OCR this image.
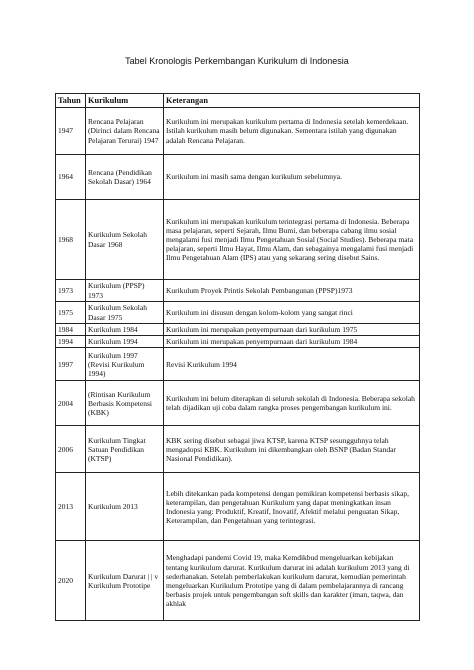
Tabel Kronologis Perkembangan Kurikulum di Indonesia
Tahun	Kurikulum	Keterangan
1947	Rencana Pelajaran (Dirinci dalam Rencana Pelajaran Terurai) 1947	Kurikulum ini merupakan kurikulum pertama di Indonesia setelah kemerdekaan. Istilah kurikulum masih belum digunakan. Sementara istilah yang digunakan adalah Rencana Pelajaran.
1964	Rencana (Pendidikan Sekolah Dasar) 1964	Kurikulum ini masih sama dengan kurikulum sebelumnya.
1968	Kurikulum Sekolah Dasar 1968	Kurikulum ini merupakan kurikulum terintegrasi pertama di Indonesia. Beberapa masa pelajaran, seperti Sejarah, Ilmu Bumi, dan beberapa cabang ilmu sosial mengalami fusi menjadi Ilmu Pengetahuan Sosial (Social Studies). Beberapa mata pelajaran, seperti Ilmu Hayat, Ilmu Alam, dan sebagainya mengalami fusi menjadi Ilmu Pengetahuan Alam (IPS) atau yang sekarang sering disebut Sains.
1973	Kurikulum (PPSP) 1973	Kurikulum Proyek Printis Sekolah Pembangunan (PPSP)1973
1975	Kurikulum Sekolah Dasar 1975	Kurikulum ini disusun dengan kolom-kolom yang sangat rinci
1984	Kurikulum 1984	Kurikulum ini merupakan penyempurnaan dari kurikulum 1975
1994	Kurikulum 1994	Kurikulum ini merupakan penyempurnaan dari kurikulum 1984
1997	Kurikulum 1997 (Revisi Kurikulum 1994)	Revisi Kurikulum 1994
2004	(Rintisan Kurikulum Berbasis Kompetensi (KBK)	Kurikulum ini belum diterapkan di seluruh sekolah di Indonesia. Beberapa sekolah telah dijadikan uji coba dalam rangka proses pengembangan kurikulum ini.
2006	Kurikulum Tingkat Satuan Pendidikan (KTSP)	KBK sering disebut sebagai jiwa KTSP, karena KTSP sesungguhnya telah mengadopsi KBK. Kurikulum ini dikembangkan oleh BSNP (Badan Standar Nasional Pendidikan).
2013	Kurikulum 2013	Lebih ditekankan pada kompetensi dengan pemikiran kompetensi berbasis sikap, keterampilan, dan pengetahuan Kurikulum yang dapat meningkatkan insan Indonesia yang: Produktif, Kreatif, Inovatif, Afektif melalui penguatan Sikap, Keterampilan, dan Pengetahuan yang terintegrasi.
2020	Kurikulum Darurat | | v Kurikulum Prototipe	Menghadapi pandemi Covid 19, maka Kemdikbud mengeluarkan kebijakan tentang kurikulum darurat. Kurikulum darurat ini adalah kurikulum 2013 yang di sederhanakan. Setelah pemberlakukan kurikulum darurat, kemudian pemerintah mengeluarkan Kurikulum Prototipe yang di dalam pembelajarannya di rancang berbasis projek untuk pengembangan soft skills dan karakter (iman, taqwa, dan akhlak
